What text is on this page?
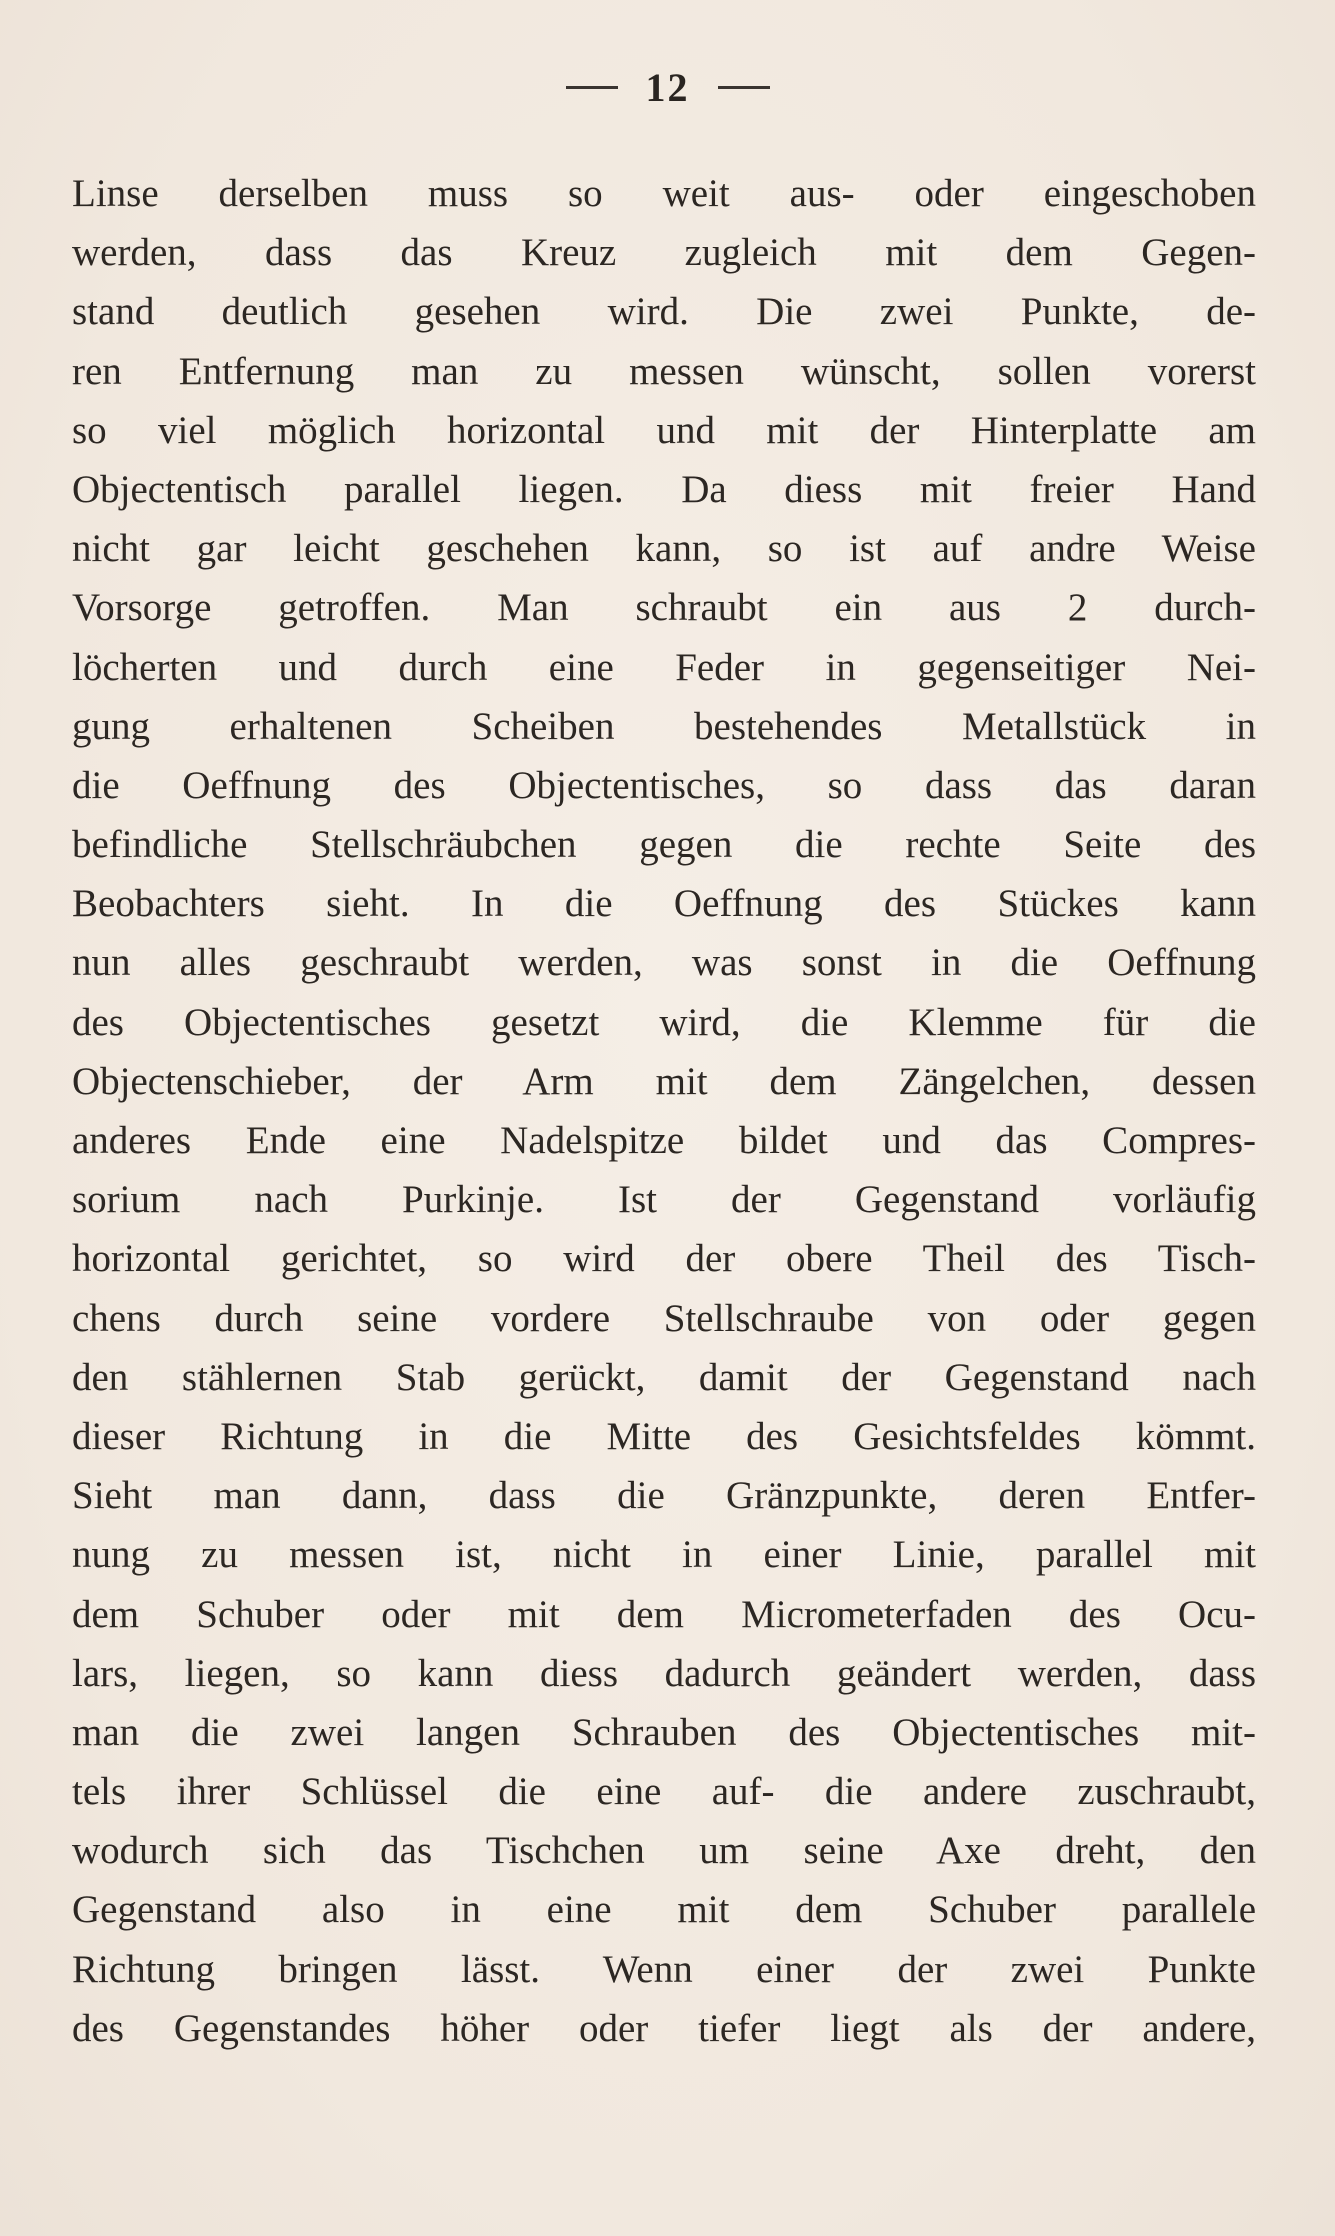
12
Linse derselben muss so weit aus- oder eingeschoben
werden, dass das Kreuz zugleich mit dem Gegen-
stand deutlich gesehen wird. Die zwei Punkte, de-
ren Entfernung man zu messen wünscht, sollen vorerst
so viel möglich horizontal und mit der Hinterplatte am
Objectentisch parallel liegen. Da diess mit freier Hand
nicht gar leicht geschehen kann, so ist auf andre Weise
Vorsorge getroffen. Man schraubt ein aus 2 durch-
löcherten und durch eine Feder in gegenseitiger Nei-
gung erhaltenen Scheiben bestehendes Metallstück in
die Oeffnung des Objectentisches, so dass das daran
befindliche Stellschräubchen gegen die rechte Seite des
Beobachters sieht. In die Oeffnung des Stückes kann
nun alles geschraubt werden, was sonst in die Oeffnung
des Objectentisches gesetzt wird, die Klemme für die
Objectenschieber, der Arm mit dem Zängelchen, dessen
anderes Ende eine Nadelspitze bildet und das Compres-
sorium nach Purkinje. Ist der Gegenstand vorläufig
horizontal gerichtet, so wird der obere Theil des Tisch-
chens durch seine vordere Stellschraube von oder gegen
den stählernen Stab gerückt, damit der Gegenstand nach
dieser Richtung in die Mitte des Gesichtsfeldes kömmt.
Sieht man dann, dass die Gränzpunkte, deren Entfer-
nung zu messen ist, nicht in einer Linie, parallel mit
dem Schuber oder mit dem Micrometerfaden des Ocu-
lars, liegen, so kann diess dadurch geändert werden, dass
man die zwei langen Schrauben des Objectentisches mit-
tels ihrer Schlüssel die eine auf- die andere zuschraubt,
wodurch sich das Tischchen um seine Axe dreht, den
Gegenstand also in eine mit dem Schuber parallele
Richtung bringen lässt. Wenn einer der zwei Punkte
des Gegenstandes höher oder tiefer liegt als der andere,
